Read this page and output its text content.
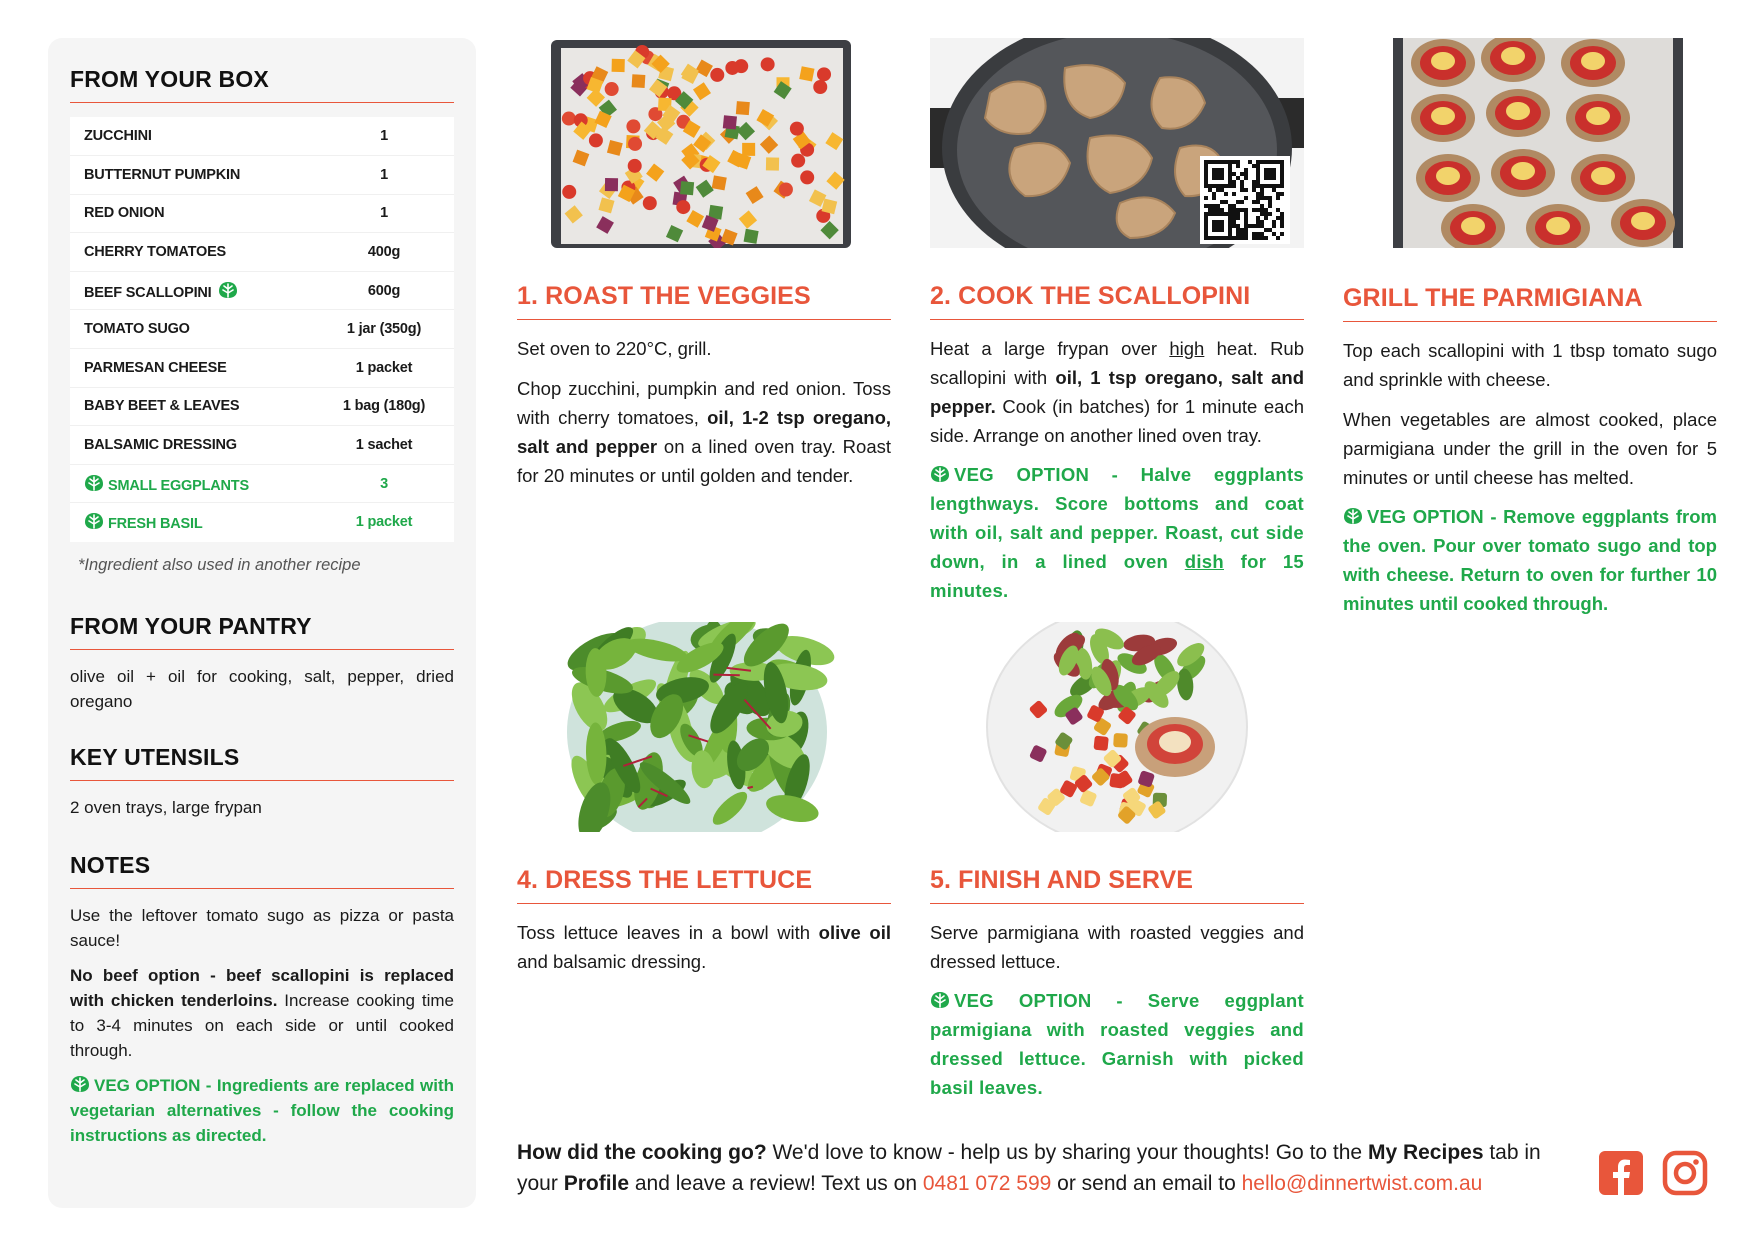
FROM YOUR BOX
ZUCCHINI	1
BUTTERNUT PUMPKIN	1
RED ONION	1
CHERRY TOMATOES	400g
BEEF SCALLOPINI	600g
TOMATO SUGO	1 jar (350g)
PARMESAN CHEESE	1 packet
BABY BEET & LEAVES	1 bag (180g)
BALSAMIC DRESSING	1 sachet

SMALL EGGPLANTS	3

FRESH BASIL	1 packet
*Ingredient also used in another recipe
FROM YOUR PANTRY
olive oil + oil for cooking, salt, pepper, dried oregano
KEY UTENSILS
2 oven trays, large frypan
NOTES
Use the leftover tomato sugo as pizza or pasta sauce!
No beef option - beef scallopini is replaced with chicken tenderloins. Increase cooking time to 3-4 minutes on each side or until cooked through.
VEG OPTION - Ingredients are replaced with vegetarian alternatives - follow the cooking instructions as directed.
1. ROAST THE VEGGIES
Set oven to 220°C, grill.
Chop zucchini, pumpkin and red onion. Toss with cherry tomatoes, oil, 1-2 tsp oregano, salt and pepper on a lined oven tray. Roast for 20 minutes or until golden and tender.
2. COOK THE SCALLOPINI
Heat a large frypan over high heat. Rub scallopini with oil, 1 tsp oregano, salt and pepper. Cook (in batches) for 1 minute each side. Arrange on another lined oven tray.
VEG OPTION - Halve eggplants lengthways. Score bottoms and coat with oil, salt and pepper. Roast, cut side down, in a lined oven dish for 15 minutes.
GRILL THE PARMIGIANA
Top each scallopini with 1 tbsp tomato sugo and sprinkle with cheese.
When vegetables are almost cooked, place parmigiana under the grill in the oven for 5 minutes or until cheese has melted.
VEG OPTION - Remove eggplants from the oven. Pour over tomato sugo and top with cheese. Return to oven for further 10 minutes until cooked through.
4. DRESS THE LETTUCE
Toss lettuce leaves in a bowl with olive oil and balsamic dressing.
5. FINISH AND SERVE
Serve parmigiana with roasted veggies and dressed lettuce.
VEG OPTION - Serve eggplant parmigiana with roasted veggies and dressed lettuce. Garnish with picked basil leaves.
How did the cooking go? We'd love to know - help us by sharing your thoughts! Go to the My Recipes tab in your Profile and leave a review! Text us on 0481 072 599 or send an email to hello@dinnertwist.com.au
